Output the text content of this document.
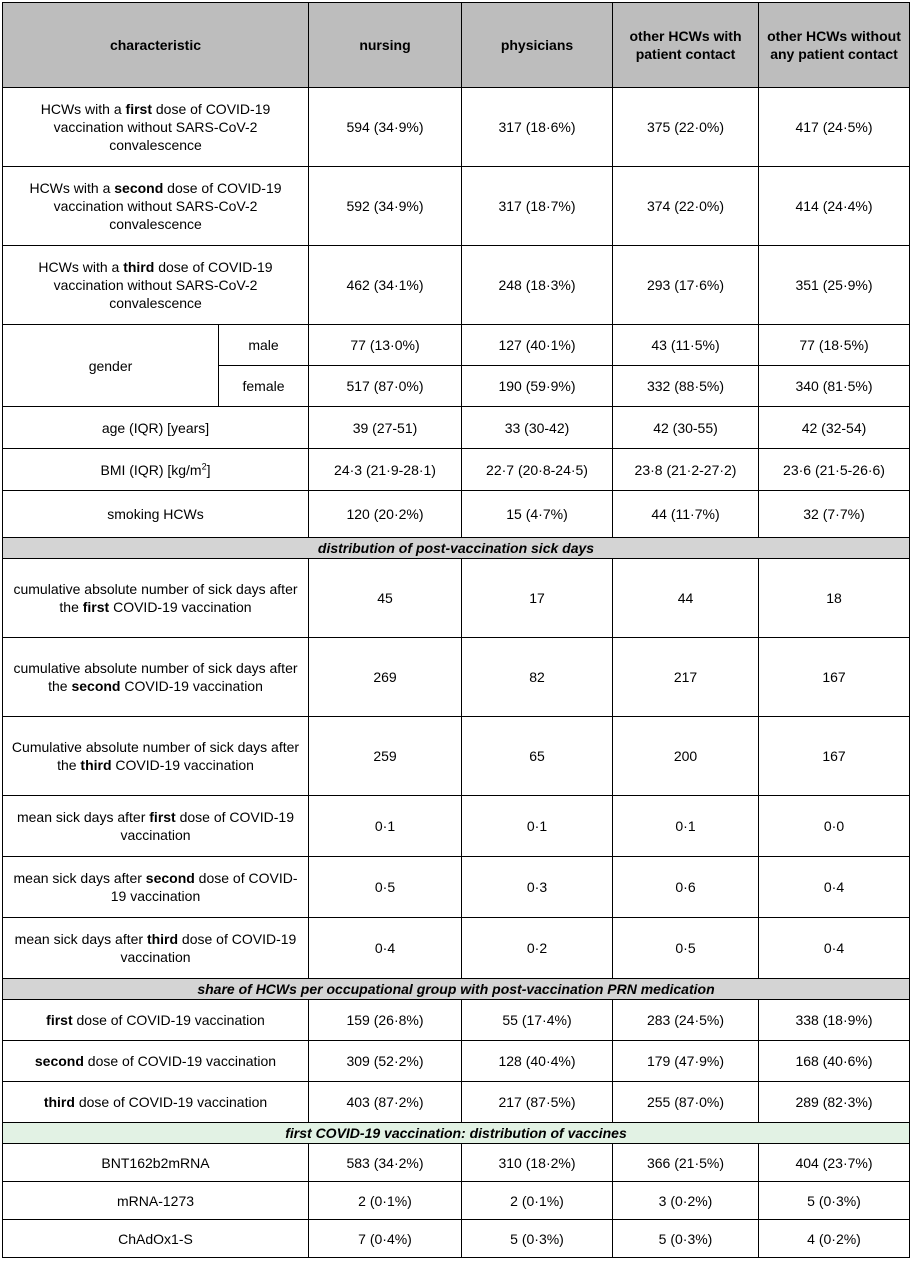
characteristic		nursing	physicians	other HCWs with patient contact	other HCWs without any patient contact
HCWs with a first dose of COVID-19 vaccination without SARS-CoV-2 convalescence		594 (34·9%)	317 (18·6%)	375 (22·0%)	417 (24·5%)
HCWs with a second dose of COVID-19 vaccination without SARS-CoV-2 convalescence		592 (34·9%)	317 (18·7%)	374 (22·0%)	414 (24·4%)
HCWs with a third dose of COVID-19 vaccination without SARS-CoV-2 convalescence		462 (34·1%)	248 (18·3%)	293 (17·6%)	351 (25·9%)
gender	male	77 (13·0%)	127 (40·1%)	43 (11·5%)	77 (18·5%)
	female	517 (87·0%)	190 (59·9%)	332 (88·5%)	340 (81·5%)
age (IQR) [years]		39 (27-51)	33 (30-42)	42 (30-55)	42 (32-54)
BMI (IQR) $[kg/m^2]$		24·3 (21·9-28·1)	22·7 (20·8-24·5)	23·8 (21·2-27·2)	23·6 (21·5-26·6)
smoking HCWs		120 (20·2%)	15 (4·7%)	44 (11·7%)	32 (7·7%)
distribution of post-vaccination sick days					
cumulative absolute number of sick days after the first COVID-19 vaccination		45	17	44	18
cumulative absolute number of sick days after the second COVID-19 vaccination		269	82	217	167
Cumulative absolute number of sick days after the third COVID-19 vaccination		259	65	200	167
mean sick days after first dose of COVID-19 vaccination		0·1	0·1	0·1	0·0
mean sick days after second dose of COVID-19 vaccination		0·5	0·3	0·6	0·4
mean sick days after third dose of COVID-19 vaccination		0·4	0·2	0·5	0·4
share of HCWs per occupational group with post-vaccination PRN medication					
first dose of COVID-19 vaccination		159 (26·8%)	55 (17·4%)	283 (24·5%)	338 (18·9%)
second dose of COVID-19 vaccination		309 (52·2%)	128 (40·4%)	179 (47·9%)	168 (40·6%)
third dose of COVID-19 vaccination		403 (87·2%)	217 (87·5%)	255 (87·0%)	289 (82·3%)
first COVID-19 vaccination: distribution of vaccines					
BNT162b2mRNA		583 (34·2%)	310 (18·2%)	366 (21·5%)	404 (23·7%)
mRNA-1273		2 (0·1%)	2 (0·1%)	3 (0·2%)	5 (0·3%)
ChAdOx1-S		7 (0·4%)	5 (0·3%)	5 (0·3%)	4 (0·2%)
